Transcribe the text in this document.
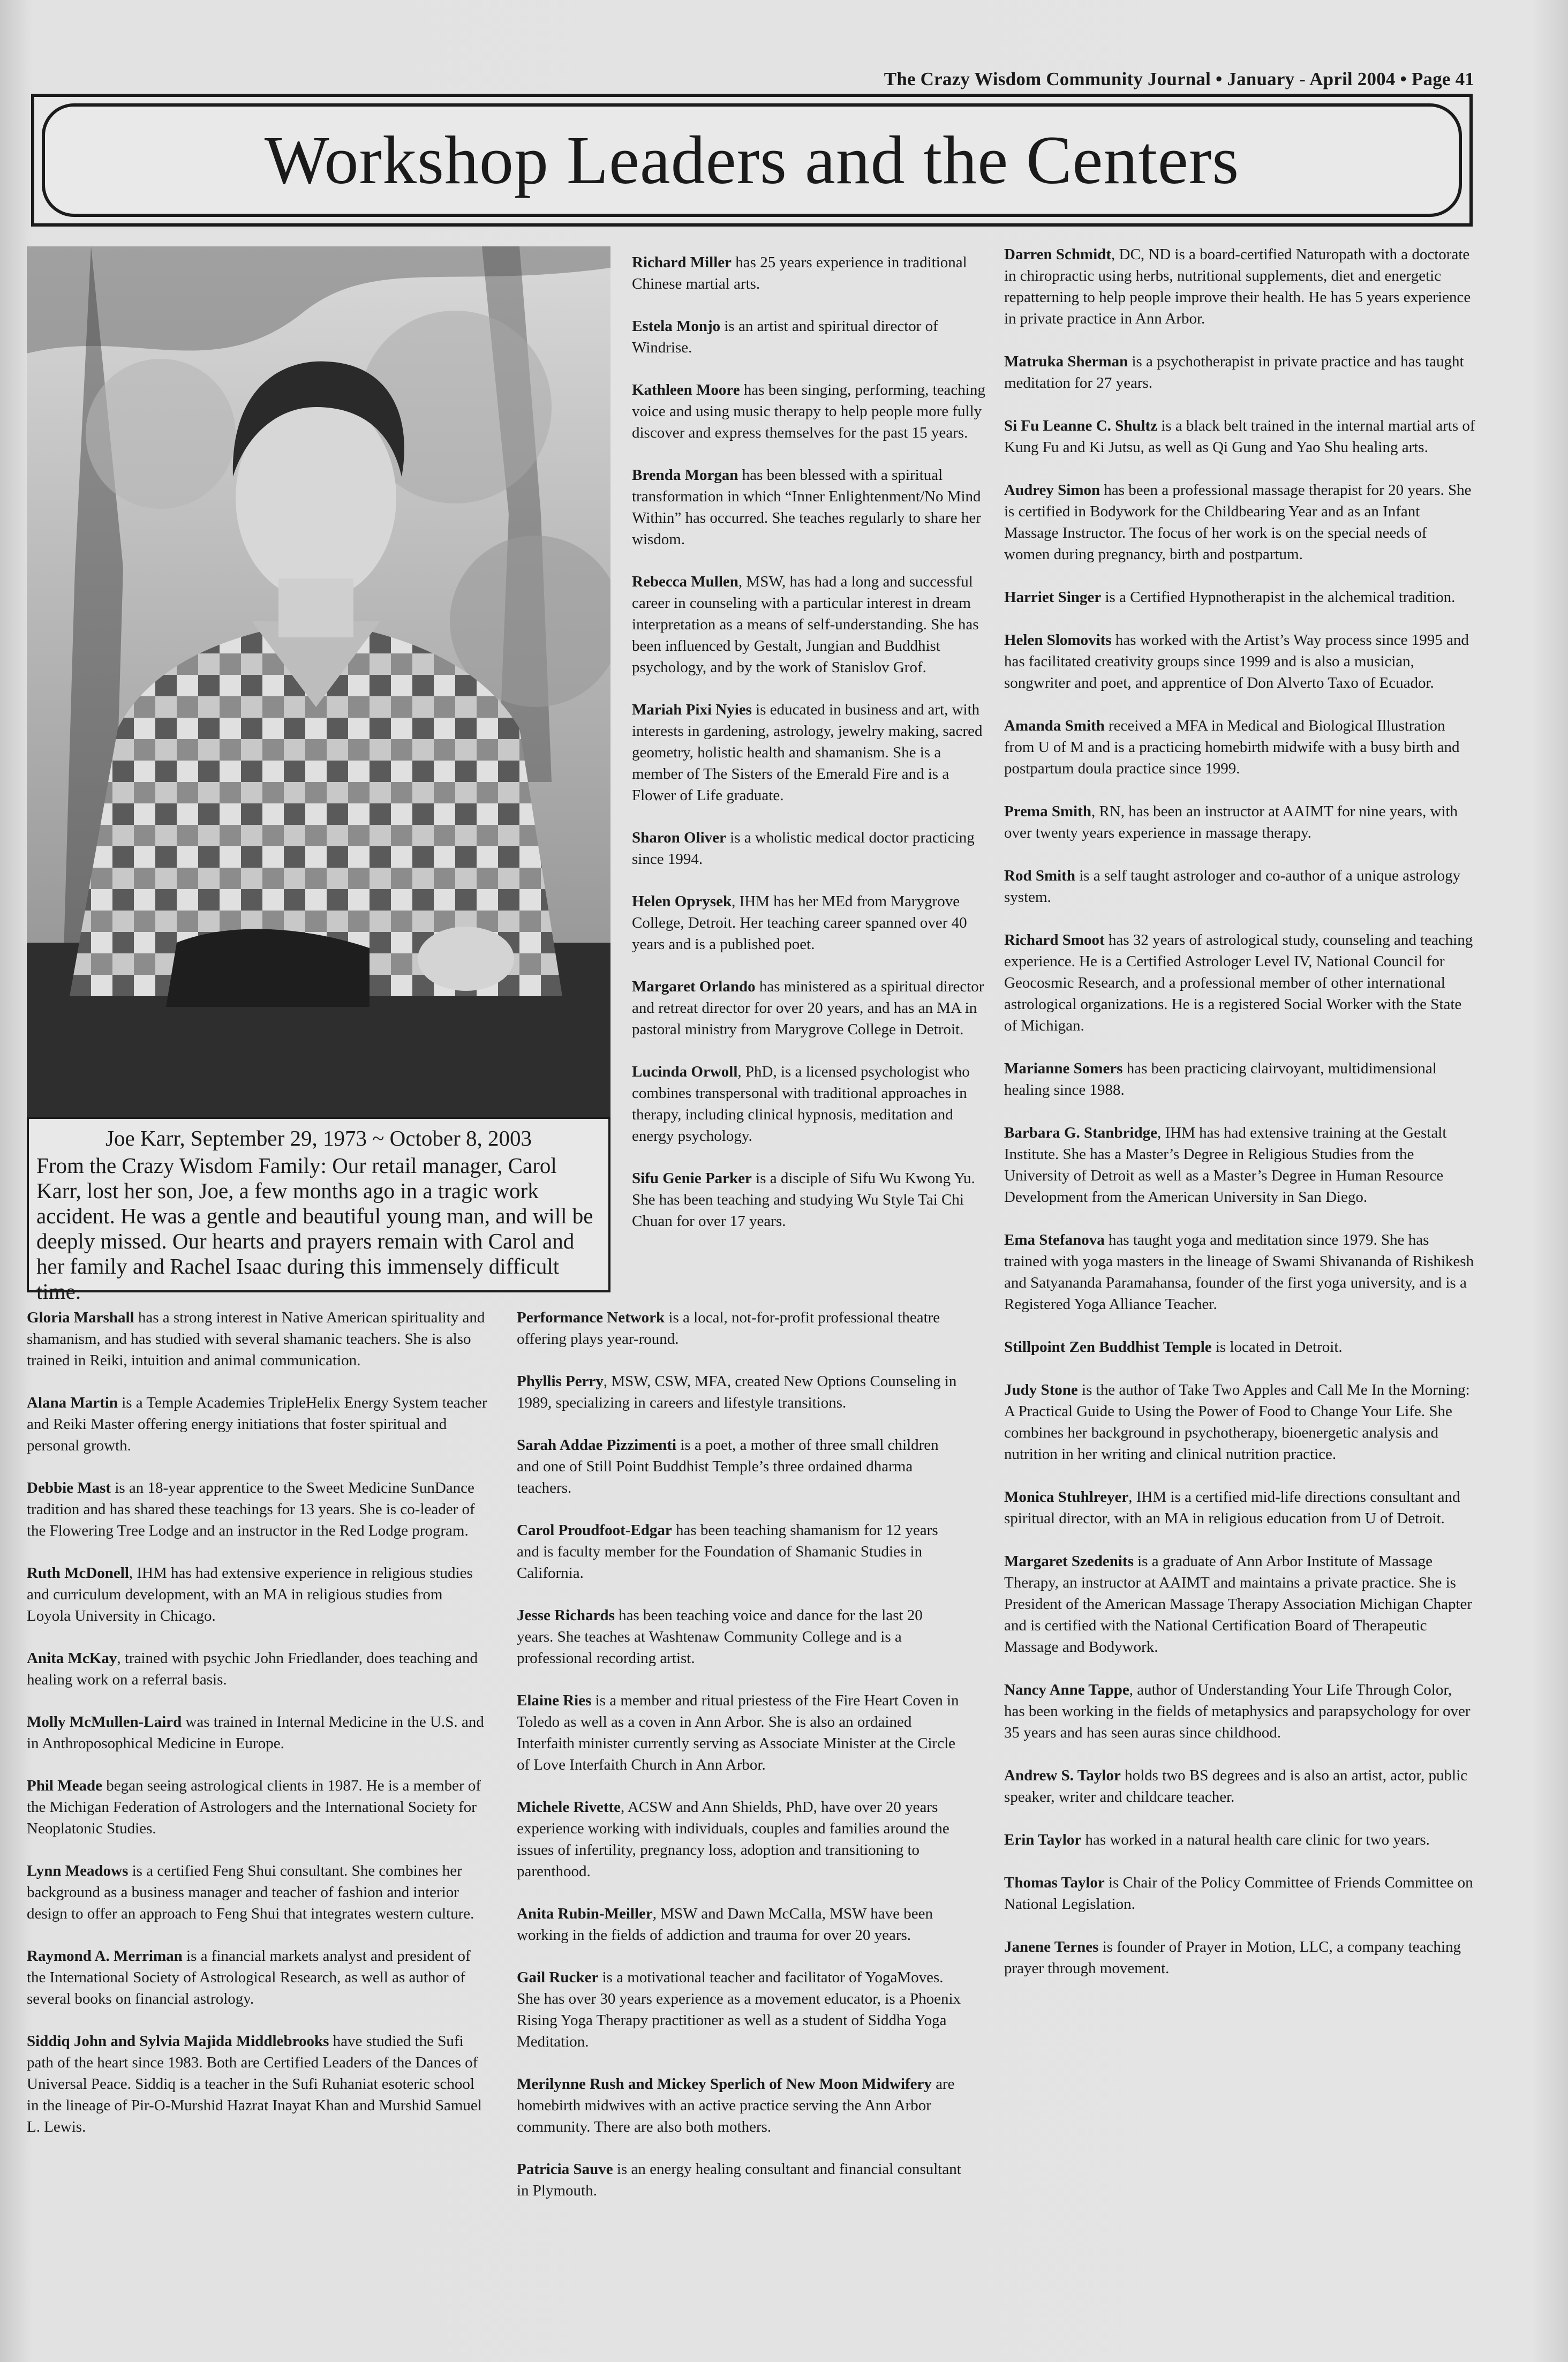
The Crazy Wisdom Community Journal • January - April 2004 • Page 41
Workshop Leaders and the Centers
Joe Karr, September 29, 1973 ~ October 8, 2003
From the Crazy Wisdom Family: Our retail manager, Carol Karr, lost her son, Joe, a few months ago in a tragic work accident. He was a gentle and beautiful young man, and will be deeply missed. Our hearts and prayers remain with Carol and her family and Rachel Isaac during this immensely difficult time.

Richard Miller has 25 years experience in traditional Chinese martial arts.

Estela Monjo is an artist and spiritual director of Windrise.

Kathleen Moore has been singing, performing, teaching voice and using music therapy to help people more fully discover and express themselves for the past 15 years.

Brenda Morgan has been blessed with a spiritual transformation in which “Inner Enlightenment/No Mind Within” has occurred. She teaches regularly to share her wisdom.

Rebecca Mullen, MSW, has had a long and successful career in counseling with a particular interest in dream interpretation as a means of self-understanding. She has been influenced by Gestalt, Jungian and Buddhist psychology, and by the work of Stanislov Grof.

Mariah Pixi Nyies is educated in business and art, with interests in gardening, astrology, jewelry making, sacred geometry, holistic health and shamanism. She is a member of The Sisters of the Emerald Fire and is a Flower of Life graduate.

Sharon Oliver is a wholistic medical doctor practicing since 1994.

Helen Oprysek, IHM has her MEd from Marygrove College, Detroit. Her teaching career spanned over 40 years and is a published poet.

Margaret Orlando has ministered as a spiritual director and retreat director for over 20 years, and has an MA in pastoral ministry from Marygrove College in Detroit.

Lucinda Orwoll, PhD, is a licensed psychologist who combines transpersonal with traditional approaches in therapy, including clinical hypnosis, meditation and energy psychology.

Sifu Genie Parker is a disciple of Sifu Wu Kwong Yu. She has been teaching and studying Wu Style Tai Chi Chuan for over 17 years.

Gloria Marshall has a strong interest in Native American spirituality and shamanism, and has studied with several shamanic teachers. She is also trained in Reiki, intuition and animal communication.

Alana Martin is a Temple Academies TripleHelix Energy System teacher and Reiki Master offering energy initiations that foster spiritual and personal growth.

Debbie Mast is an 18-year apprentice to the Sweet Medicine SunDance tradition and has shared these teachings for 13 years. She is co-leader of the Flowering Tree Lodge and an instructor in the Red Lodge program.

Ruth McDonell, IHM has had extensive experience in religious studies and curriculum development, with an MA in religious studies from Loyola University in Chicago.

Anita McKay, trained with psychic John Friedlander, does teaching and healing work on a referral basis.

Molly McMullen-Laird was trained in Internal Medicine in the U.S. and in Anthroposophical Medicine in Europe.

Phil Meade began seeing astrological clients in 1987. He is a member of the Michigan Federation of Astrologers and the International Society for Neoplatonic Studies.

Lynn Meadows is a certified Feng Shui consultant. She combines her background as a business manager and teacher of fashion and interior design to offer an approach to Feng Shui that integrates western culture.

Raymond A. Merriman is a financial markets analyst and president of the International Society of Astrological Research, as well as author of several books on financial astrology.

Siddiq John and Sylvia Majida Middlebrooks have studied the Sufi path of the heart since 1983. Both are Certified Leaders of the Dances of Universal Peace. Siddiq is a teacher in the Sufi Ruhaniat esoteric school in the lineage of Pir-O-Murshid Hazrat Inayat Khan and Murshid Samuel L. Lewis.

Performance Network is a local, not-for-profit professional theatre offering plays year-round.

Phyllis Perry, MSW, CSW, MFA, created New Options Counseling in 1989, specializing in careers and lifestyle transitions.

Sarah Addae Pizzimenti is a poet, a mother of three small children and one of Still Point Buddhist Temple’s three ordained dharma teachers.

Carol Proudfoot-Edgar has been teaching shamanism for 12 years and is faculty member for the Foundation of Shamanic Studies in California.

Jesse Richards has been teaching voice and dance for the last 20 years. She teaches at Washtenaw Community College and is a professional recording artist.

Elaine Ries is a member and ritual priestess of the Fire Heart Coven in Toledo as well as a coven in Ann Arbor. She is also an ordained Interfaith minister currently serving as Associate Minister at the Circle of Love Interfaith Church in Ann Arbor.

Michele Rivette, ACSW and Ann Shields, PhD, have over 20 years experience working with individuals, couples and families around the issues of infertility, pregnancy loss, adoption and transitioning to parenthood.

Anita Rubin-Meiller, MSW and Dawn McCalla, MSW have been working in the fields of addiction and trauma for over 20 years.

Gail Rucker is a motivational teacher and facilitator of YogaMoves. She has over 30 years experience as a movement educator, is a Phoenix Rising Yoga Therapy practitioner as well as a student of Siddha Yoga Meditation.

Merilynne Rush and Mickey Sperlich of New Moon Midwifery are homebirth midwives with an active practice serving the Ann Arbor community. There are also both mothers.

Patricia Sauve is an energy healing consultant and financial consultant in Plymouth.

Darren Schmidt, DC, ND is a board-certified Naturopath with a doctorate in chiropractic using herbs, nutritional supplements, diet and energetic repatterning to help people improve their health. He has 5 years experience in private practice in Ann Arbor.

Matruka Sherman is a psychotherapist in private practice and has taught meditation for 27 years.

Si Fu Leanne C. Shultz is a black belt trained in the internal martial arts of Kung Fu and Ki Jutsu, as well as Qi Gung and Yao Shu healing arts.

Audrey Simon has been a professional massage therapist for 20 years. She is certified in Bodywork for the Childbearing Year and as an Infant Massage Instructor. The focus of her work is on the special needs of women during pregnancy, birth and postpartum.

Harriet Singer is a Certified Hypnotherapist in the alchemical tradition.

Helen Slomovits has worked with the Artist’s Way process since 1995 and has facilitated creativity groups since 1999 and is also a musician, songwriter and poet, and apprentice of Don Alverto Taxo of Ecuador.

Amanda Smith received a MFA in Medical and Biological Illustration from U of M and is a practicing homebirth midwife with a busy birth and postpartum doula practice since 1999.

Prema Smith, RN, has been an instructor at AAIMT for nine years, with over twenty years experience in massage therapy.

Rod Smith is a self taught astrologer and co-author of a unique astrology system.

Richard Smoot has 32 years of astrological study, counseling and teaching experience. He is a Certified Astrologer Level IV, National Council for Geocosmic Research, and a professional member of other international astrological organizations. He is a registered Social Worker with the State of Michigan.

Marianne Somers has been practicing clairvoyant, multidimensional healing since 1988.

Barbara G. Stanbridge, IHM has had extensive training at the Gestalt Institute. She has a Master’s Degree in Religious Studies from the University of Detroit as well as a Master’s Degree in Human Resource Development from the American University in San Diego.

Ema Stefanova has taught yoga and meditation since 1979. She has trained with yoga masters in the lineage of Swami Shivananda of Rishikesh and Satyananda Paramahansa, founder of the first yoga university, and is a Registered Yoga Alliance Teacher.

Stillpoint Zen Buddhist Temple is located in Detroit.

Judy Stone is the author of Take Two Apples and Call Me In the Morning: A Practical Guide to Using the Power of Food to Change Your Life. She combines her background in psychotherapy, bioenergetic analysis and nutrition in her writing and clinical nutrition practice.

Monica Stuhlreyer, IHM is a certified mid-life directions consultant and spiritual director, with an MA in religious education from U of Detroit.

Margaret Szedenits is a graduate of Ann Arbor Institute of Massage Therapy, an instructor at AAIMT and maintains a private practice. She is President of the American Massage Therapy Association Michigan Chapter and is certified with the National Certification Board of Therapeutic Massage and Bodywork.

Nancy Anne Tappe, author of Understanding Your Life Through Color, has been working in the fields of metaphysics and parapsychology for over 35 years and has seen auras since childhood.

Andrew S. Taylor holds two BS degrees and is also an artist, actor, public speaker, writer and childcare teacher.

Erin Taylor has worked in a natural health care clinic for two years.

Thomas Taylor is Chair of the Policy Committee of Friends Committee on National Legislation.

Janene Ternes is founder of Prayer in Motion, LLC, a company teaching prayer through movement.
